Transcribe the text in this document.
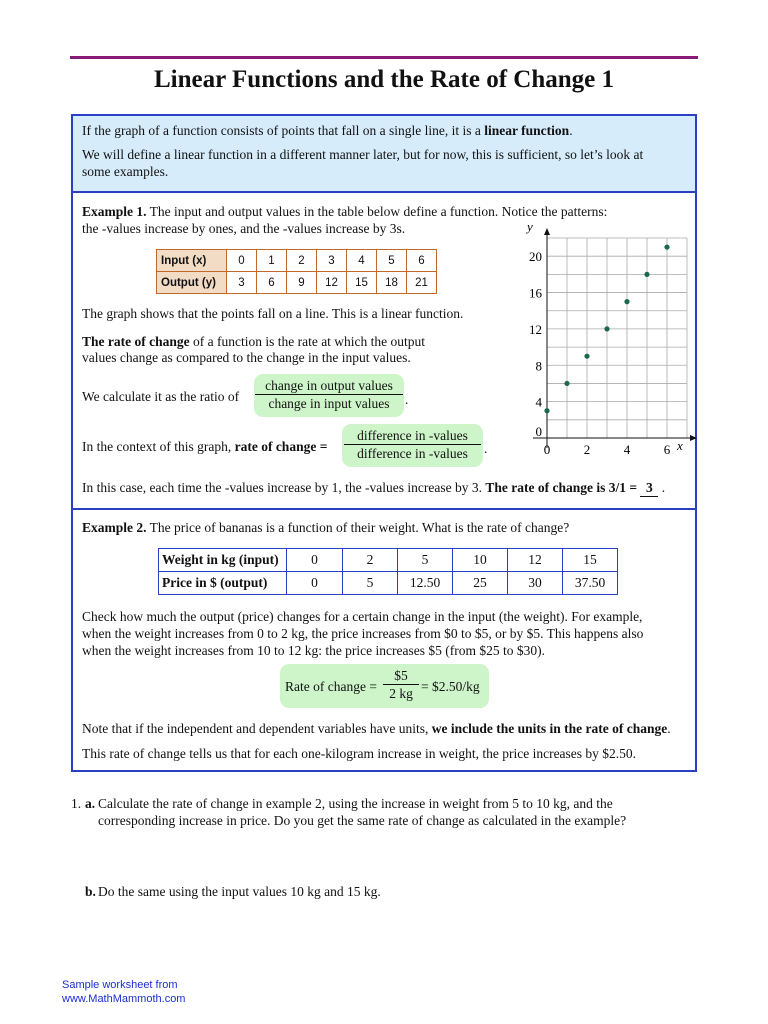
Linear Functions and the Rate of Change 1

If the graph of a function consists of points that fall on a single line, it is a linear function.

We will define a linear function in a different manner later, but for now, this is sufficient, so let’s look at
some examples.

Example 1. The input and output values in the table below define a function. Notice the patterns:
the -values increase by ones, and the -values increase by 3s.
Input (x)	0	1	2	3	4	5	6
Output (y)	3	6	9	12	15	18	21
The graph shows that the points fall on a line. This is a linear function.
The rate of change of a function is the rate at which the output
values change as compared to the change in the input values.
We calculate it as the ratio of
change in output values
change in input values	.
In the context of this graph, rate of change =
difference in -values
difference in -values	.
In this case, each time the -values increase by 1, the -values increase by 3. The rate of change is 3/1 = 3 .
x
y
0	2	4	6
0
4
8
12
16
20
Example 2. The price of bananas is a function of their weight. What is the rate of change?
Weight in kg (input)	0	2	5	10	12	15
Price in $ (output)	0	5	12.50	25	30	37.50
Check how much the output (price) changes for a certain change in the input (the weight). For example,
when the weight increases from 0 to 2 kg, the price increases from $0 to $5, or by $5. This happens also
when the weight increases from 10 to 12 kg: the price increases $5 (from $25 to $30).
Rate of change = $\frac{\$5}{2 kg}$ = $2.50/kg
Note that if the independent and dependent variables have units, we include the units in the rate of change.
This rate of change tells us that for each one-kilogram increase in weight, the price increases by $2.50.
1. a. Calculate the rate of change in example 2, using the increase in weight from 5 to 10 kg, and the
corresponding increase in price. Do you get the same rate of change as calculated in the example?
b. Do the same using the input values 10 kg and 15 kg.
Sample worksheet from
www.MathMammoth.com
